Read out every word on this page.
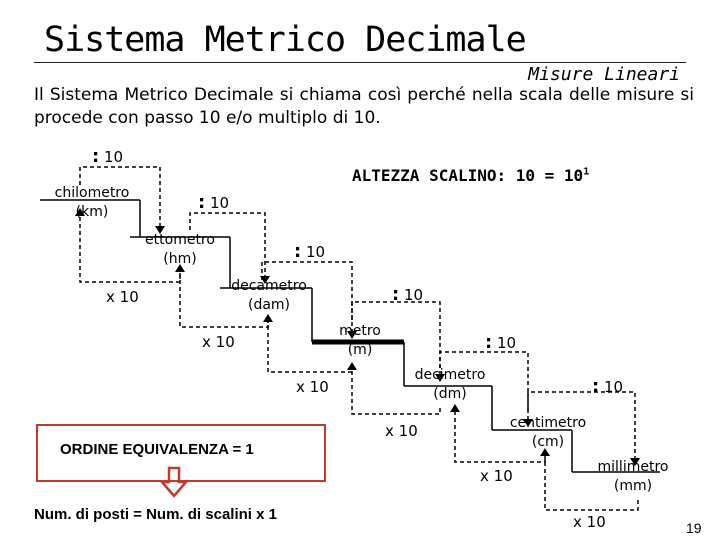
Sistema Metrico Decimale
Misure Lineari
Il Sistema Metrico Decimale si chiama così perché nella scala delle misure si procede con passo 10 e/o multiplo di 10.
ALTEZZA SCALINO: $10 = 10^1$
chilometro
(km)
ettometro
(hm)
decametro
(dam)
metro
(m)
decimetro
(dm)
centimetro
(cm)
millimetro
(mm)
: 10
: 10
: 10
: 10
: 10
: 10
x 10
x 10
x 10
x 10
x 10
x 10
ORDINE EQUIVALENZA = 1
Num. di posti = Num. di scalini x 1
19
